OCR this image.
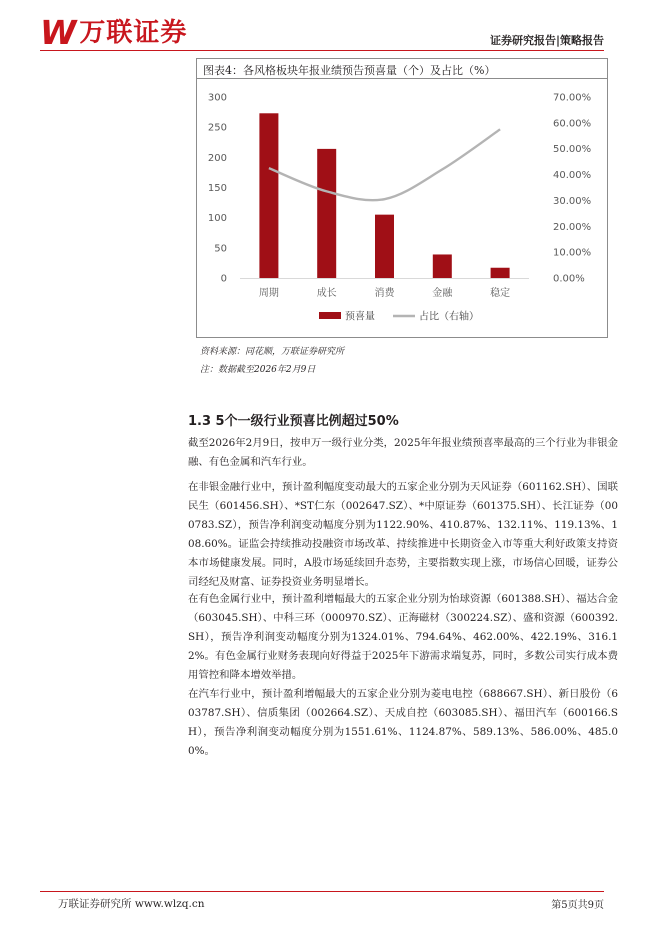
W 万联证券	证券研究报告|策略报告
图表4：各风格板块年报业绩预告预喜量（个）及占比（%）
0
50
100
150
200
250
300
0.00%
10.00%
20.00%
30.00%
40.00%
50.00%
60.00%
70.00%
周期	成长	消费	金融	稳定
预喜量	占比（右轴）
资料来源：同花顺，万联证券研究所
注：数据截至2026年2月9日
1.3 5个一级行业预喜比例超过50%
截至2026年2月9日，按申万一级行业分类，2025年年报业绩预喜率最高的三个行业为非银金融、有色金属和汽车行业。
在非银金融行业中，预计盈利幅度变动最大的五家企业分别为天风证券（601162.SH）、国联民生（601456.SH）、*ST仁东（002647.SZ）、*中原证券（601375.SH）、长江证券（000783.SZ），预告净利润变动幅度分别为1122.90%、410.87%、132.11%、119.13%、108.60%。证监会持续推动投融资市场改革、持续推进中长期资金入市等重大利好政策支持资本市场健康发展。同时，A股市场延续回升态势，主要指数实现上涨，市场信心回暖，证券公司经纪及财富、证券投资业务明显增长。
在有色金属行业中，预计盈利增幅最大的五家企业分别为怡球资源（601388.SH）、福达合金（603045.SH）、中科三环（000970.SZ）、正海磁材（300224.SZ）、盛和资源（600392.SH），预告净利润变动幅度分别为1324.01%、794.64%、462.00%、422.19%、316.12%。有色金属行业财务表现向好得益于2025年下游需求端复苏，同时，多数公司实行成本费用管控和降本增效举措。
在汽车行业中，预计盈利增幅最大的五家企业分别为菱电电控（688667.SH）、新日股份（603787.SH）、信质集团（002664.SZ）、天成自控（603085.SH）、福田汽车（600166.SH），预告净利润变动幅度分别为1551.61%、1124.87%、589.13%、586.00%、485.00%。
万联证券研究所 www.wlzq.cn	第5页共9页
